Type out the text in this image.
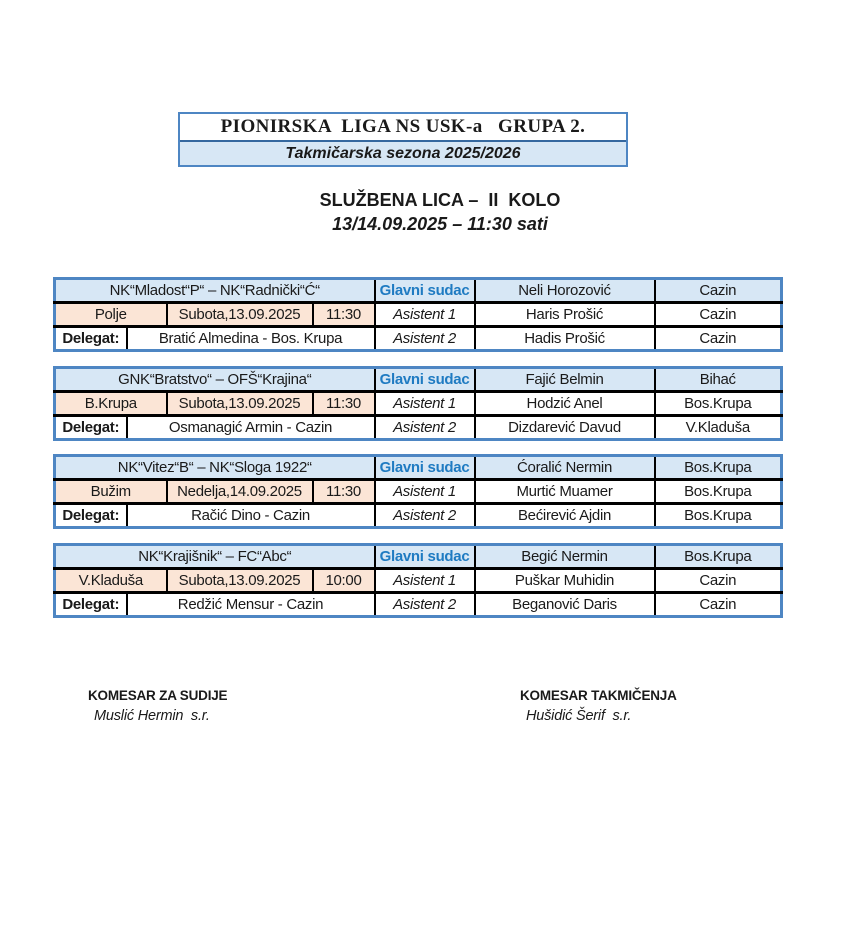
PIONIRSKA  LIGA NS USK-a   GRUPA 2.
Takmičarska sezona 2025/2026
SLUŽBENA LICA –  II  KOLO
13/14.09.2025 – 11:30 sati
NK“Mladost“P“ – NK“Radnički“Ć“				Glavni sudac	Neli Horozović	Cazin
Polje		Subota,13.09.2025	11:30	Asistent 1	Haris Prošić	Cazin
Delegat:	Bratić Almedina - Bos. Krupa			Asistent 2	Hadis Prošić	Cazin
GNK“Bratstvo“ – OFŠ“Krajina“				Glavni sudac	Fajić Belmin	Bihać
B.Krupa		Subota,13.09.2025	11:30	Asistent 1	Hodzić Anel	Bos.Krupa
Delegat:	Osmanagić Armin - Cazin			Asistent 2	Dizdarević Davud	V.Kladuša
NK“Vitez“B“ – NK“Sloga 1922“				Glavni sudac	Ćoralić Nermin	Bos.Krupa
Bužim		Nedelja,14.09.2025	11:30	Asistent 1	Murtić Muamer	Bos.Krupa
Delegat:	Račić Dino - Cazin			Asistent 2	Bećirević Ajdin	Bos.Krupa
NK“Krajišnik“ – FC“Abc“				Glavni sudac	Begić Nermin	Bos.Krupa
V.Kladuša		Subota,13.09.2025	10:00	Asistent 1	Puškar Muhidin	Cazin
Delegat:	Redžić Mensur - Cazin			Asistent 2	Beganović Daris	Cazin
KOMESAR ZA SUDIJE
Muslić Hermin  s.r.
KOMESAR TAKMIČENJA
Hušidić Šerif  s.r.
